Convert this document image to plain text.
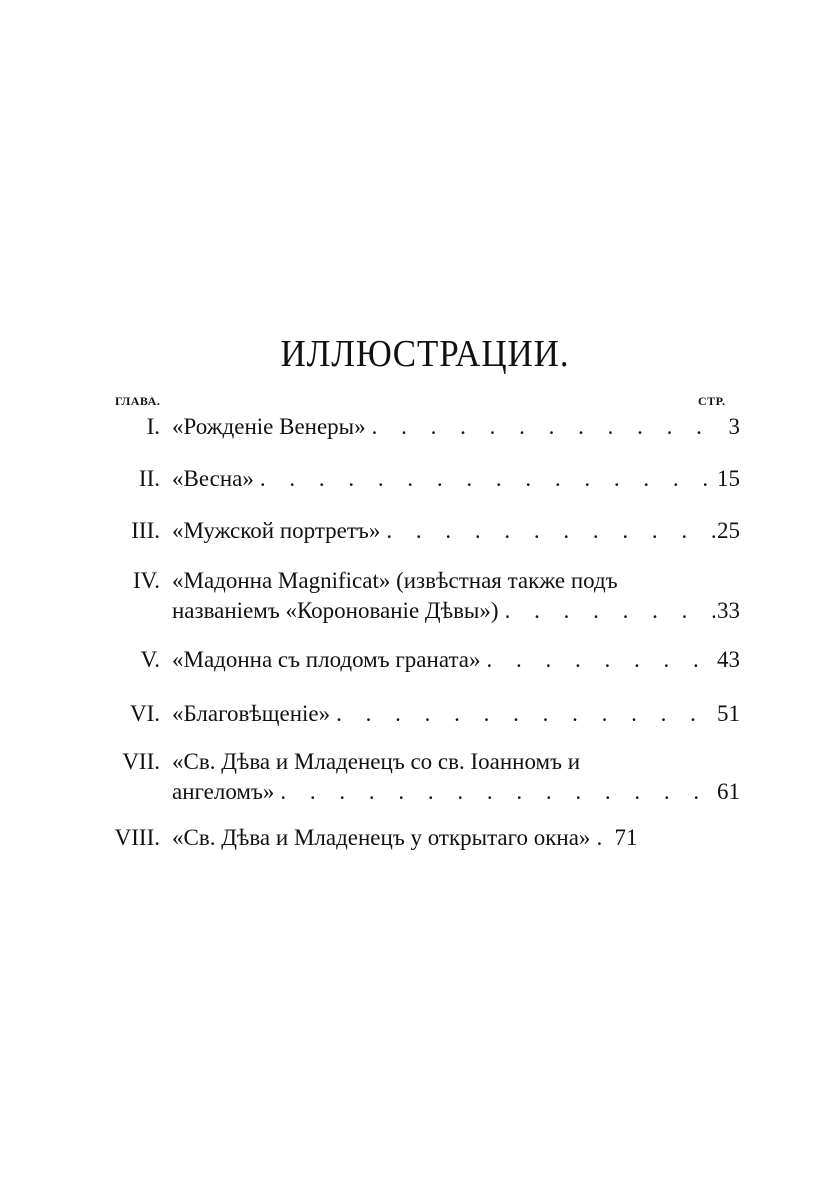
ИЛЛЮСТРАЦИИ.
ГЛАВА.	СТР.
I. «Рожденіе Венеры» . . .	3
II. «Весна» . . .	15
III. «Мужской портретъ» . . .	25
IV. «Мадонна Magnificat» (извѣстная также подъ
названіемъ «Коронованіе Дѣвы») . . .	33
V. «Мадонна съ плодомъ граната» . . .	43
VI. «Благовѣщеніе» . . .	51
VII. «Св. Дѣва и Младенецъ со св. Іоанномъ и
ангеломъ» . . .	61
VIII. «Св. Дѣва и Младенецъ у открытаго окна» . . . 71
